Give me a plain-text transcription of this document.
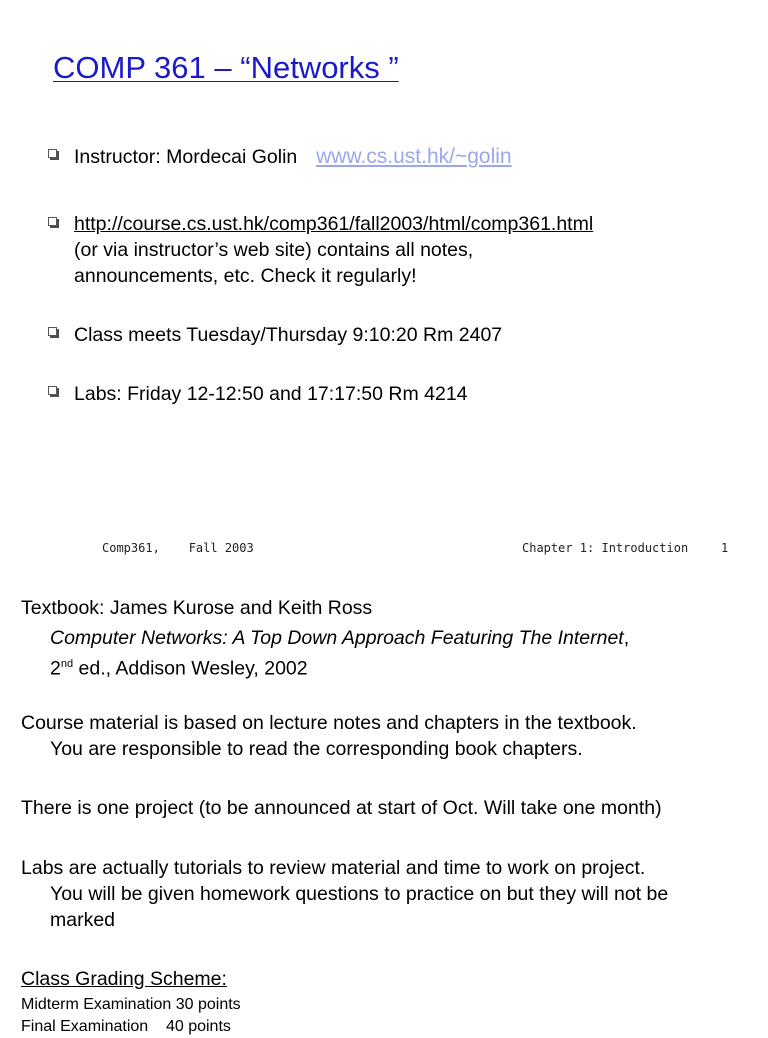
COMP 361 – “Networks ”
Instructor: Mordecai Golin www.cs.ust.hk/~golin
http://course.cs.ust.hk/comp361/fall2003/html/comp361.html
(or via instructor’s web site) contains all notes,
announcements, etc. Check it regularly!
Class meets Tuesday/Thursday 9:10:20 Rm 2407
Labs: Friday 12-12:50 and 17:17:50 Rm 4214
Comp361,    Fall 2003	Chapter 1: Introduction	1
Textbook: James Kurose and Keith Ross
Computer Networks: A Top Down Approach Featuring The Internet,
2nd ed., Addison Wesley, 2002
Course material is based on lecture notes and chapters in the textbook.
You are responsible to read the corresponding book chapters.
There is one project (to be announced at start of Oct. Will take one month)
Labs are actually tutorials to review material and time to work on project.
You will be given homework questions to practice on but they will not be
marked
Class Grading Scheme:
Midterm Examination 30 points
Final Examination    40 points
